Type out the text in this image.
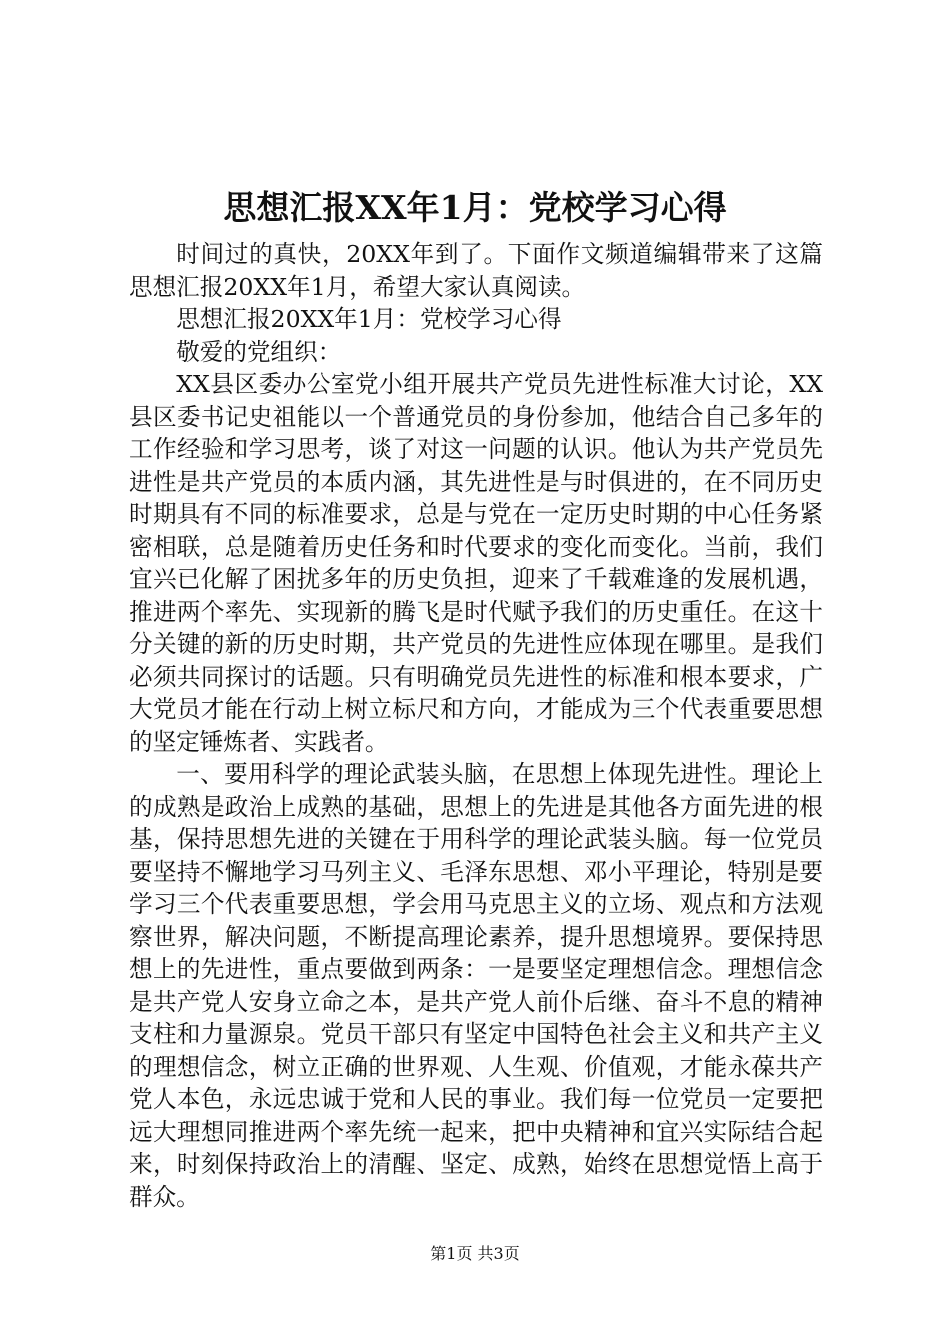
思想汇报XX年1月：党校学习心得

时间过的真快，20XX年到了。下面作文频道编辑带来了这篇思想汇报20XX年1月，希望大家认真阅读。

思想汇报20XX年1月：党校学习心得

敬爱的党组织：

XX县区委办公室党小组开展共产党员先进性标准大讨论，XX县区委书记史祖能以一个普通党员的身份参加，他结合自己多年的工作经验和学习思考，谈了对这一问题的认识。他认为共产党员先进性是共产党员的本质内涵，其先进性是与时俱进的，在不同历史时期具有不同的标准要求，总是与党在一定历史时期的中心任务紧密相联，总是随着历史任务和时代要求的变化而变化。当前，我们宜兴已化解了困扰多年的历史负担，迎来了千载难逢的发展机遇，推进两个率先、实现新的腾飞是时代赋予我们的历史重任。在这十分关键的新的历史时期，共产党员的先进性应体现在哪里。是我们必须共同探讨的话题。只有明确党员先进性的标准和根本要求，广大党员才能在行动上树立标尺和方向，才能成为三个代表重要思想的坚定锤炼者、实践者。

一、要用科学的理论武装头脑，在思想上体现先进性。理论上的成熟是政治上成熟的基础，思想上的先进是其他各方面先进的根基，保持思想先进的关键在于用科学的理论武装头脑。每一位党员要坚持不懈地学习马列主义、毛泽东思想、邓小平理论，特别是要学习三个代表重要思想，学会用马克思主义的立场、观点和方法观察世界，解决问题，不断提高理论素养，提升思想境界。要保持思想上的先进性，重点要做到两条：一是要坚定理想信念。理想信念是共产党人安身立命之本，是共产党人前仆后继、奋斗不息的精神支柱和力量源泉。党员干部只有坚定中国特色社会主义和共产主义的理想信念，树立正确的世界观、人生观、价值观，才能永葆共产党人本色，永远忠诚于党和人民的事业。我们每一位党员一定要把远大理想同推进两个率先统一起来，把中央精神和宜兴实际结合起来，时刻保持政治上的清醒、坚定、成熟，始终在思想觉悟上高于群众。

第1页 共3页
